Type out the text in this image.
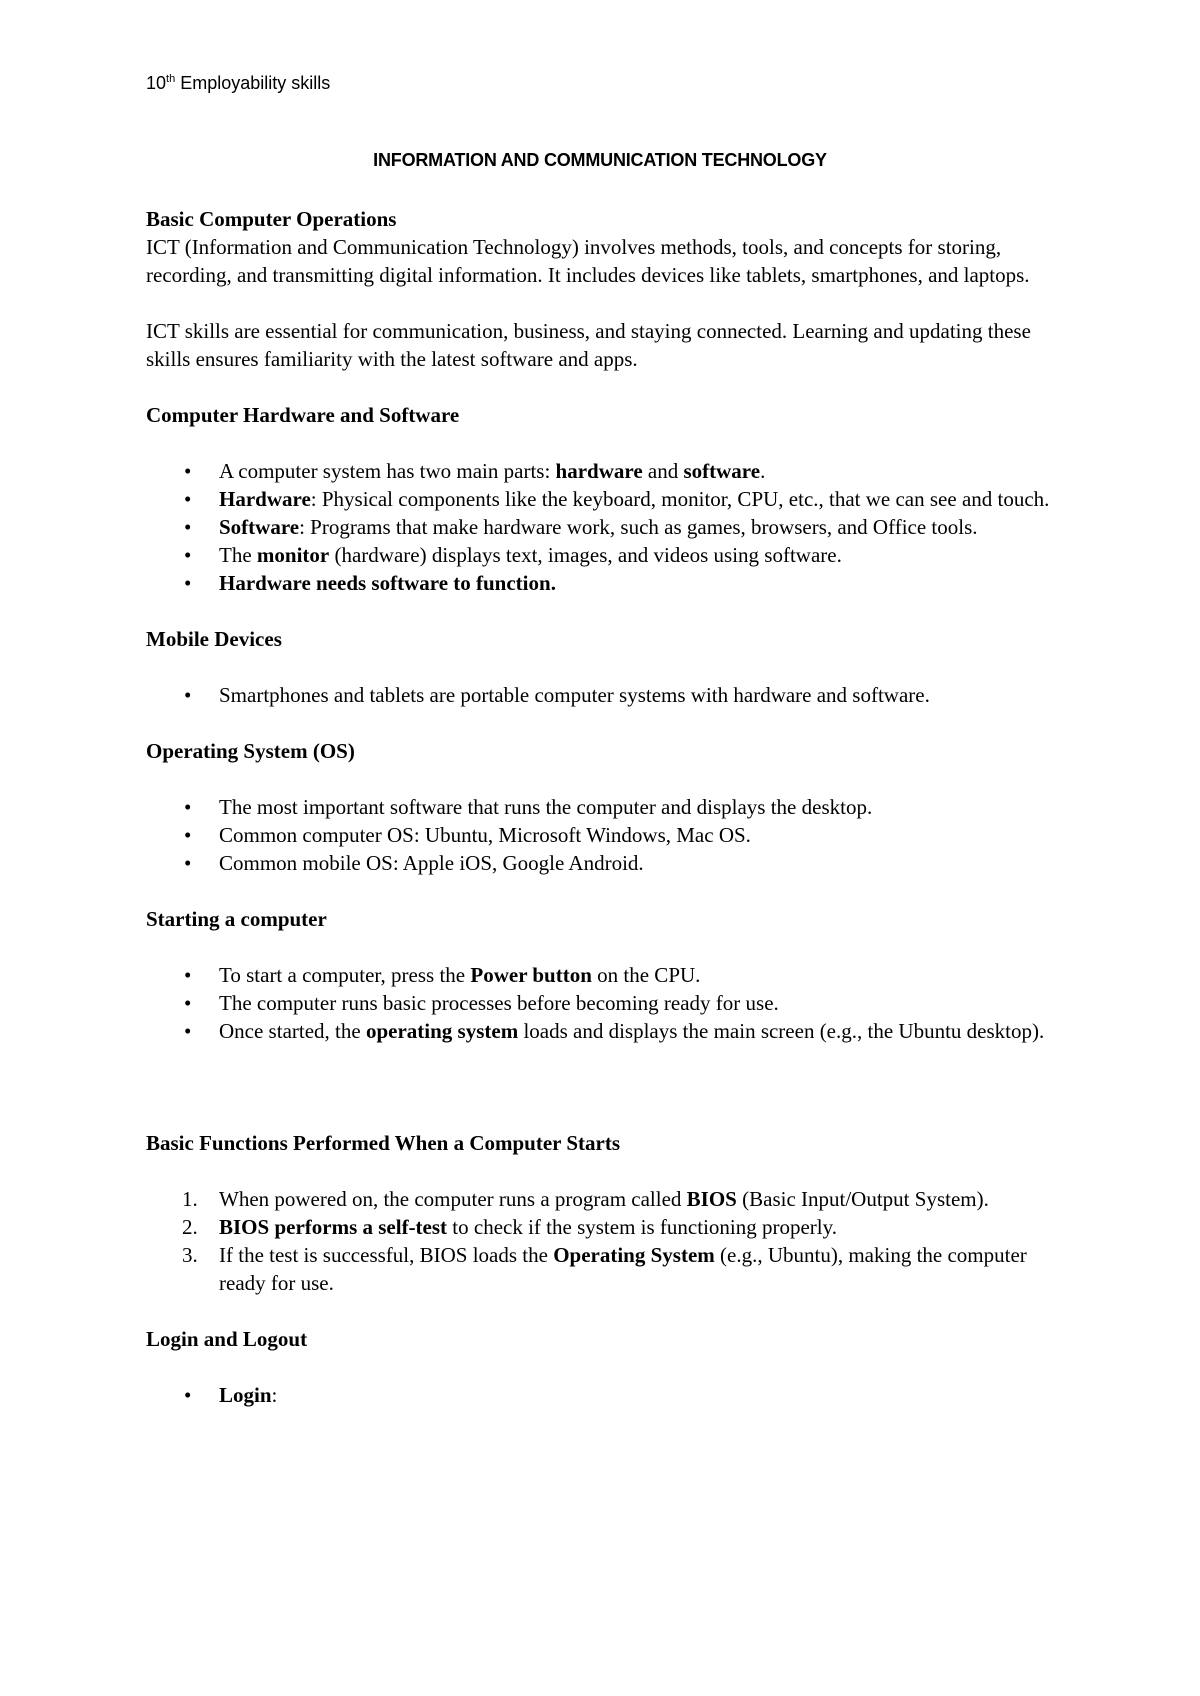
10th Employability skills
INFORMATION AND COMMUNICATION TECHNOLOGY
Basic Computer Operations

ICT (Information and Communication Technology) involves methods, tools, and concepts for storing, recording, and transmitting digital information. It includes devices like tablets, smartphones, and laptops.

ICT skills are essential for communication, business, and staying connected. Learning and updating these skills ensures familiarity with the latest software and apps.

Computer Hardware and Software
• A computer system has two main parts: hardware and software.
• Hardware: Physical components like the keyboard, monitor, CPU, etc., that we can see and touch.
• Software: Programs that make hardware work, such as games, browsers, and Office tools.
• The monitor (hardware) displays text, images, and videos using software.
• Hardware needs software to function.
Mobile Devices
• Smartphones and tablets are portable computer systems with hardware and software.
Operating System (OS)
• The most important software that runs the computer and displays the desktop.
• Common computer OS: Ubuntu, Microsoft Windows, Mac OS.
• Common mobile OS: Apple iOS, Google Android.
Starting a computer
• To start a computer, press the Power button on the CPU.
• The computer runs basic processes before becoming ready for use.
• Once started, the operating system loads and displays the main screen (e.g., the Ubuntu desktop).
Basic Functions Performed When a Computer Starts
1. When powered on, the computer runs a program called BIOS (Basic Input/Output System).
2. BIOS performs a self-test to check if the system is functioning properly.
3. If the test is successful, BIOS loads the Operating System (e.g., Ubuntu), making the computer ready for use.
Login and Logout
• Login:
